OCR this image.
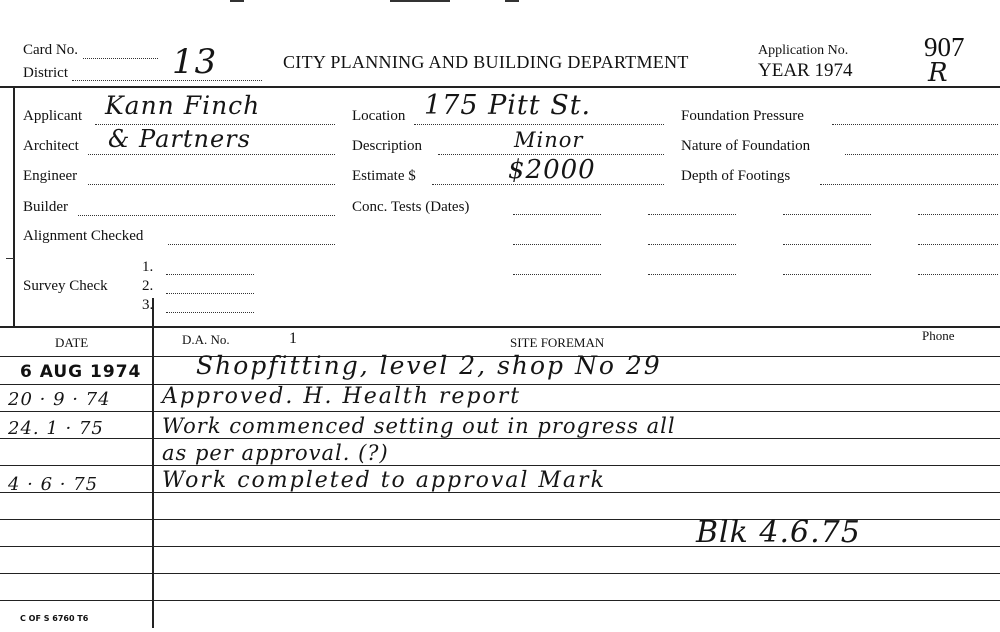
Card No.
District	13	CITY PLANNING AND BUILDING DEPARTMENT
Application No.
YEAR 1974
907
R
Applicant Kann Finch
Architect & Partners
Engineer
Builder
Alignment Checked
1.
Survey Check 2.
3.
Location 175 Pitt St.
Description	Minor
Estimate $	$2000
Conc. Tests (Dates)
Foundation Pressure
Nature of Foundation
Depth of Footings
DATE	D.A. No.	1	SITE FOREMAN	Phone
6 AUG 1974 Shopfitting, level 2, shop No 29
20 · 9 · 74 Approved. H. Health report
24. 1 · 75	Work commenced setting out in progress all
as per approval. (?)
4 · 6 · 75	Work completed to approval Mark
Blk 4.6.75
C OF S 6760 T6
